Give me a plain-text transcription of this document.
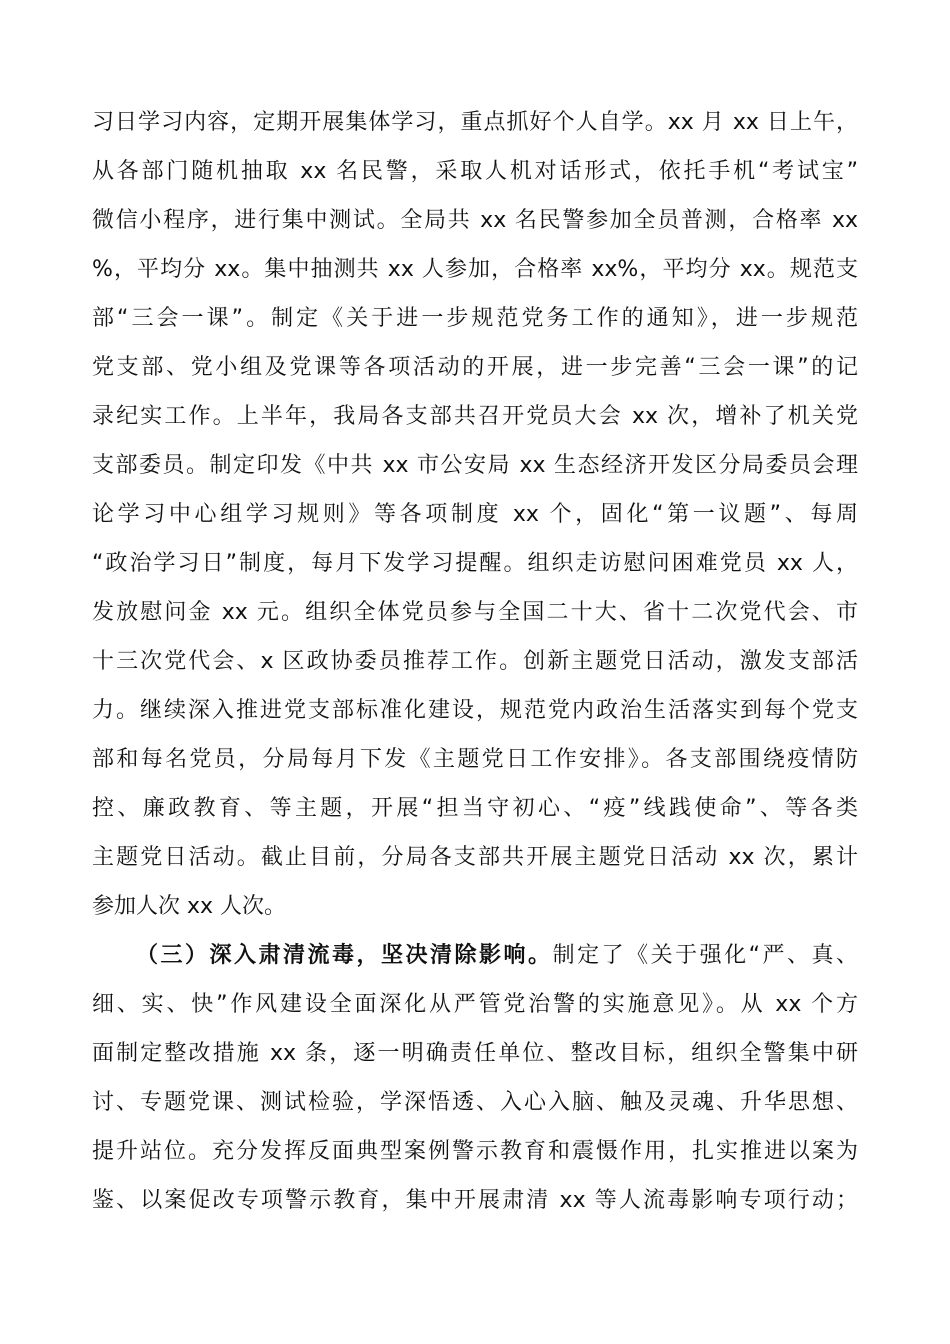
习日学习内容，定期开展集体学习，重点抓好个人自学。xx 月 xx 日上午，
从各部门随机抽取 xx 名民警，采取人机对话形式，依托手机“考试宝”
微信小程序，进行集中测试。全局共 xx 名民警参加全员普测，合格率 xx
%，平均分 xx。集中抽测共 xx 人参加，合格率 xx%，平均分 xx。规范支
部“三会一课”。制定《关于进一步规范党务工作的通知》，进一步规范
党支部、党小组及党课等各项活动的开展，进一步完善“三会一课”的记
录纪实工作。上半年，我局各支部共召开党员大会 xx 次，增补了机关党
支部委员。制定印发《中共 xx 市公安局 xx 生态经济开发区分局委员会理
论学习中心组学习规则》等各项制度 xx 个，固化“第一议题”、每周
“政治学习日”制度，每月下发学习提醒。组织走访慰问困难党员 xx 人，
发放慰问金 xx 元。组织全体党员参与全国二十大、省十二次党代会、市
十三次党代会、x 区政协委员推荐工作。创新主题党日活动，激发支部活
力。继续深入推进党支部标准化建设，规范党内政治生活落实到每个党支
部和每名党员，分局每月下发《主题党日工作安排》。各支部围绕疫情防
控、廉政教育、等主题，开展“担当守初心、“疫”线践使命”、等各类
主题党日活动。截止目前，分局各支部共开展主题党日活动 xx 次，累计
参加人次 xx 人次。
（三）深入肃清流毒，坚决清除影响。制定了《关于强化“严、真、
细、实、快”作风建设全面深化从严管党治警的实施意见》。从 xx 个方
面制定整改措施 xx 条，逐一明确责任单位、整改目标，组织全警集中研
讨、专题党课、测试检验，学深悟透、入心入脑、触及灵魂、升华思想、
提升站位。充分发挥反面典型案例警示教育和震慑作用，扎实推进以案为
鉴、以案促改专项警示教育，集中开展肃清 xx 等人流毒影响专项行动；
